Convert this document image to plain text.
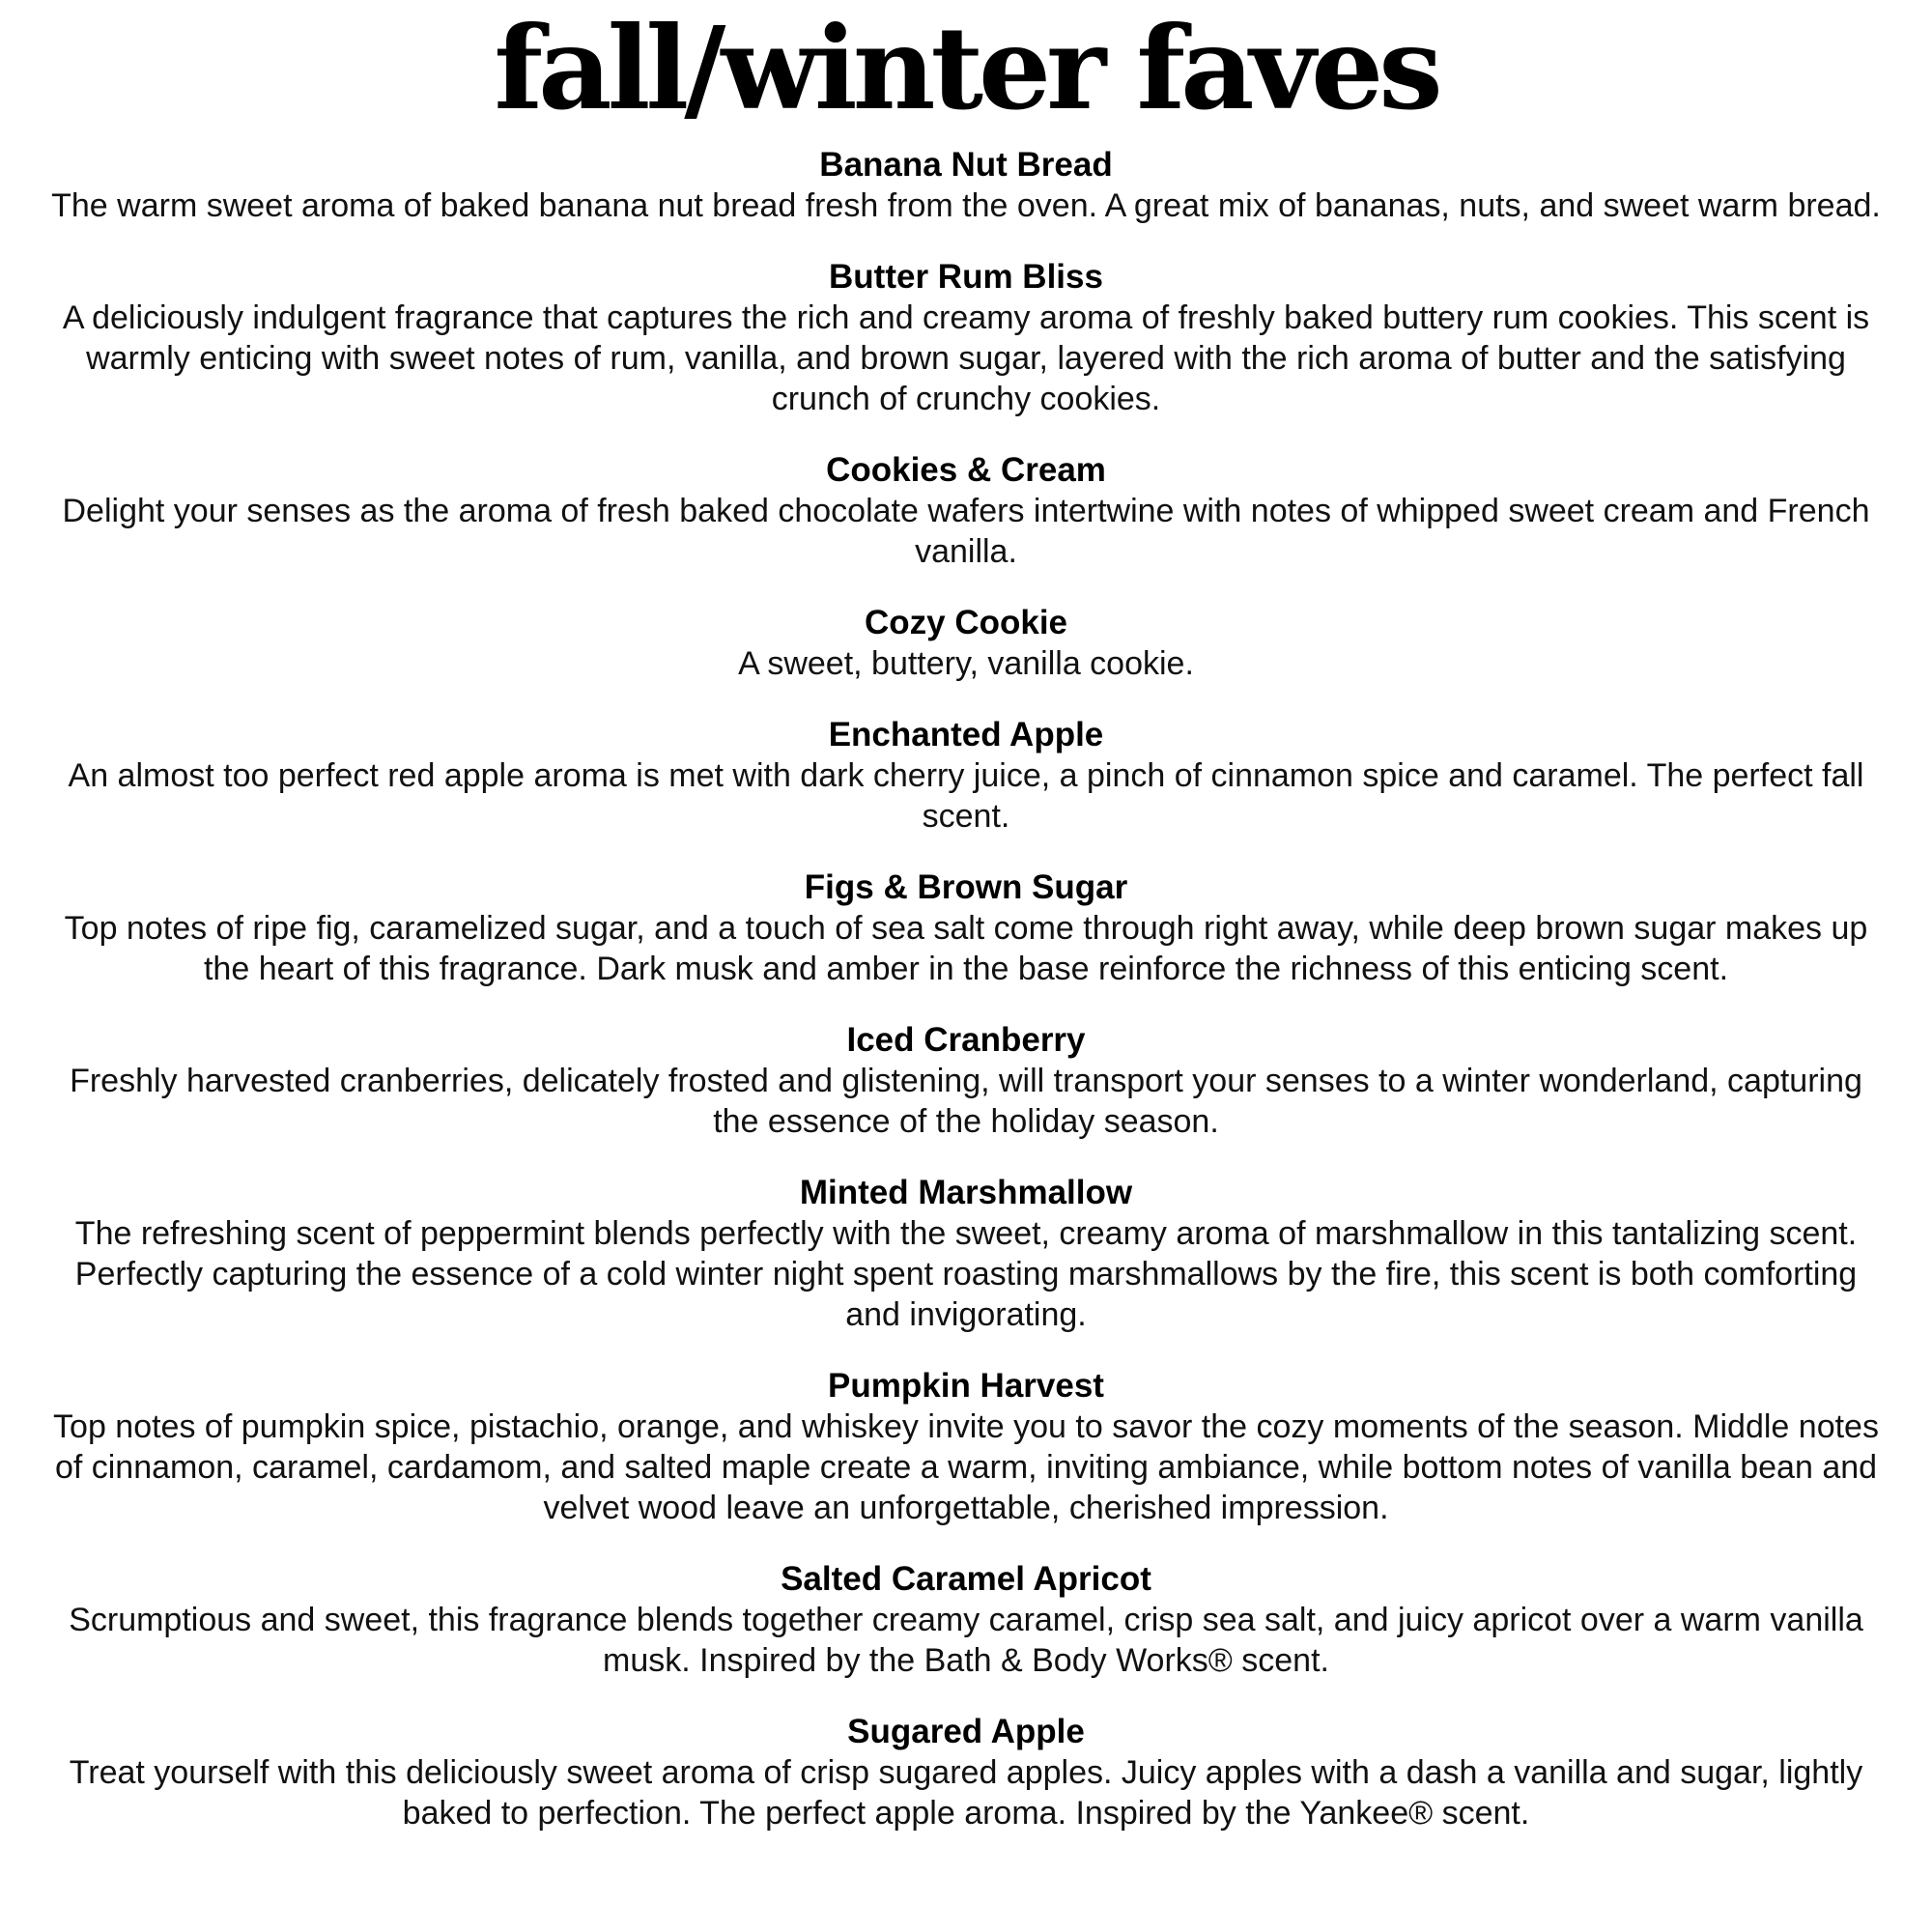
fall/winter faves

Banana Nut Bread

The warm sweet aroma of baked banana nut bread fresh from the oven. A great mix of bananas, nuts, and sweet warm bread.

Butter Rum Bliss

A deliciously indulgent fragrance that captures the rich and creamy aroma of freshly baked buttery rum cookies. This scent is warmly enticing with sweet notes of rum, vanilla, and brown sugar, layered with the rich aroma of butter and the satisfying crunch of crunchy cookies.

Cookies & Cream

Delight your senses as the aroma of fresh baked chocolate wafers intertwine with notes of whipped sweet cream and French vanilla.

Cozy Cookie

A sweet, buttery, vanilla cookie.

Enchanted Apple

An almost too perfect red apple aroma is met with dark cherry juice, a pinch of cinnamon spice and caramel. The perfect fall scent.

Figs & Brown Sugar

Top notes of ripe fig, caramelized sugar, and a touch of sea salt come through right away, while deep brown sugar makes up the heart of this fragrance. Dark musk and amber in the base reinforce the richness of this enticing scent.

Iced Cranberry

Freshly harvested cranberries, delicately frosted and glistening, will transport your senses to a winter wonderland, capturing the essence of the holiday season.

Minted Marshmallow

The refreshing scent of peppermint blends perfectly with the sweet, creamy aroma of marshmallow in this tantalizing scent. Perfectly capturing the essence of a cold winter night spent roasting marshmallows by the fire, this scent is both comforting and invigorating.

Pumpkin Harvest

Top notes of pumpkin spice, pistachio, orange, and whiskey invite you to savor the cozy moments of the season. Middle notes of cinnamon, caramel, cardamom, and salted maple create a warm, inviting ambiance, while bottom notes of vanilla bean and velvet wood leave an unforgettable, cherished impression.

Salted Caramel Apricot

Scrumptious and sweet, this fragrance blends together creamy caramel, crisp sea salt, and juicy apricot over a warm vanilla musk. Inspired by the Bath & Body Works® scent.

Sugared Apple

Treat yourself with this deliciously sweet aroma of crisp sugared apples. Juicy apples with a dash a vanilla and sugar, lightly baked to perfection. The perfect apple aroma. Inspired by the Yankee® scent.
